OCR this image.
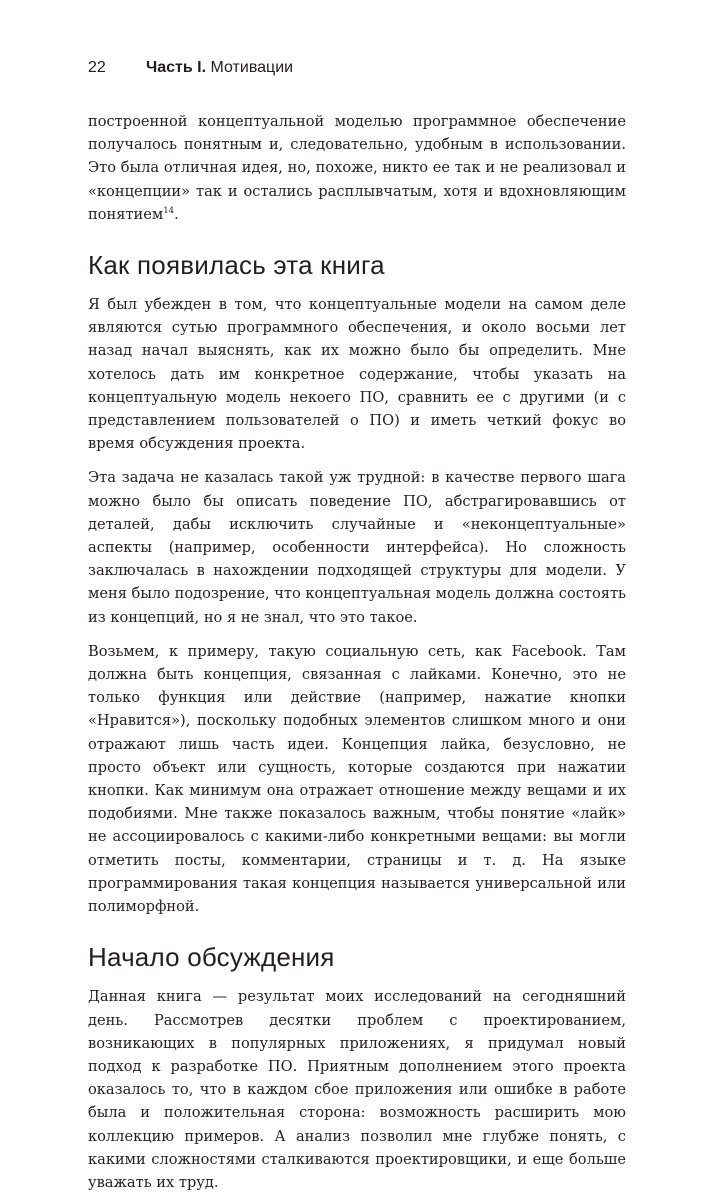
22	Часть I. Мотивации

построенной концептуальной моделью программное обеспечение получалось понятным и, следовательно, удобным в использовании. Это была отличная идея, но, похоже, никто ее так и не реализовал и «концепции» так и остались расплывчатым, хотя и вдохновляющим понятием$^{14}$.

Как появилась эта книга

Я был убежден в том, что концептуальные модели на самом деле являются сутью программного обеспечения, и около восьми лет назад начал выяснять, как их можно было бы определить. Мне хотелось дать им конкретное содержание, чтобы указать на концептуальную модель некоего ПО, сравнить ее с другими (и с представлением пользователей о ПО) и иметь четкий фокус во время обсуждения проекта.

Эта задача не казалась такой уж трудной: в качестве первого шага можно было бы описать поведение ПО, абстрагировавшись от деталей, дабы исключить случайные и «неконцептуальные» аспекты (например, особенности интерфейса). Но сложность заключалась в нахождении подходящей структуры для модели. У меня было подозрение, что концептуальная модель должна состоять из концепций, но я не знал, что это такое.

Возьмем, к примеру, такую социальную сеть, как Facebook. Там должна быть концепция, связанная с лайками. Конечно, это не только функция или действие (например, нажатие кнопки «Нравится»), поскольку подобных элементов слишком много и они отражают лишь часть идеи. Концепция лайка, безусловно, не просто объект или сущность, которые создаются при нажатии кнопки. Как минимум она отражает отношение между вещами и их подобиями. Мне также показалось важным, чтобы понятие «лайк» не ассоциировалось с какими-либо конкретными вещами: вы могли отметить посты, комментарии, страницы и т. д. На языке программирования такая концепция называется универсальной или полиморфной.

Начало обсуждения

Данная книга — результат моих исследований на сегодняшний день. Рассмотрев десятки проблем с проектированием, возникающих в популярных приложениях, я придумал новый подход к разработке ПО. Приятным дополнением этого проекта оказалось то, что в каждом сбое приложения или ошибке в работе была и положительная сторона: возможность расширить мою коллекцию примеров. А анализ позволил мне глубже понять, с какими сложностями сталкиваются проектировщики, и еще больше уважать их труд.
